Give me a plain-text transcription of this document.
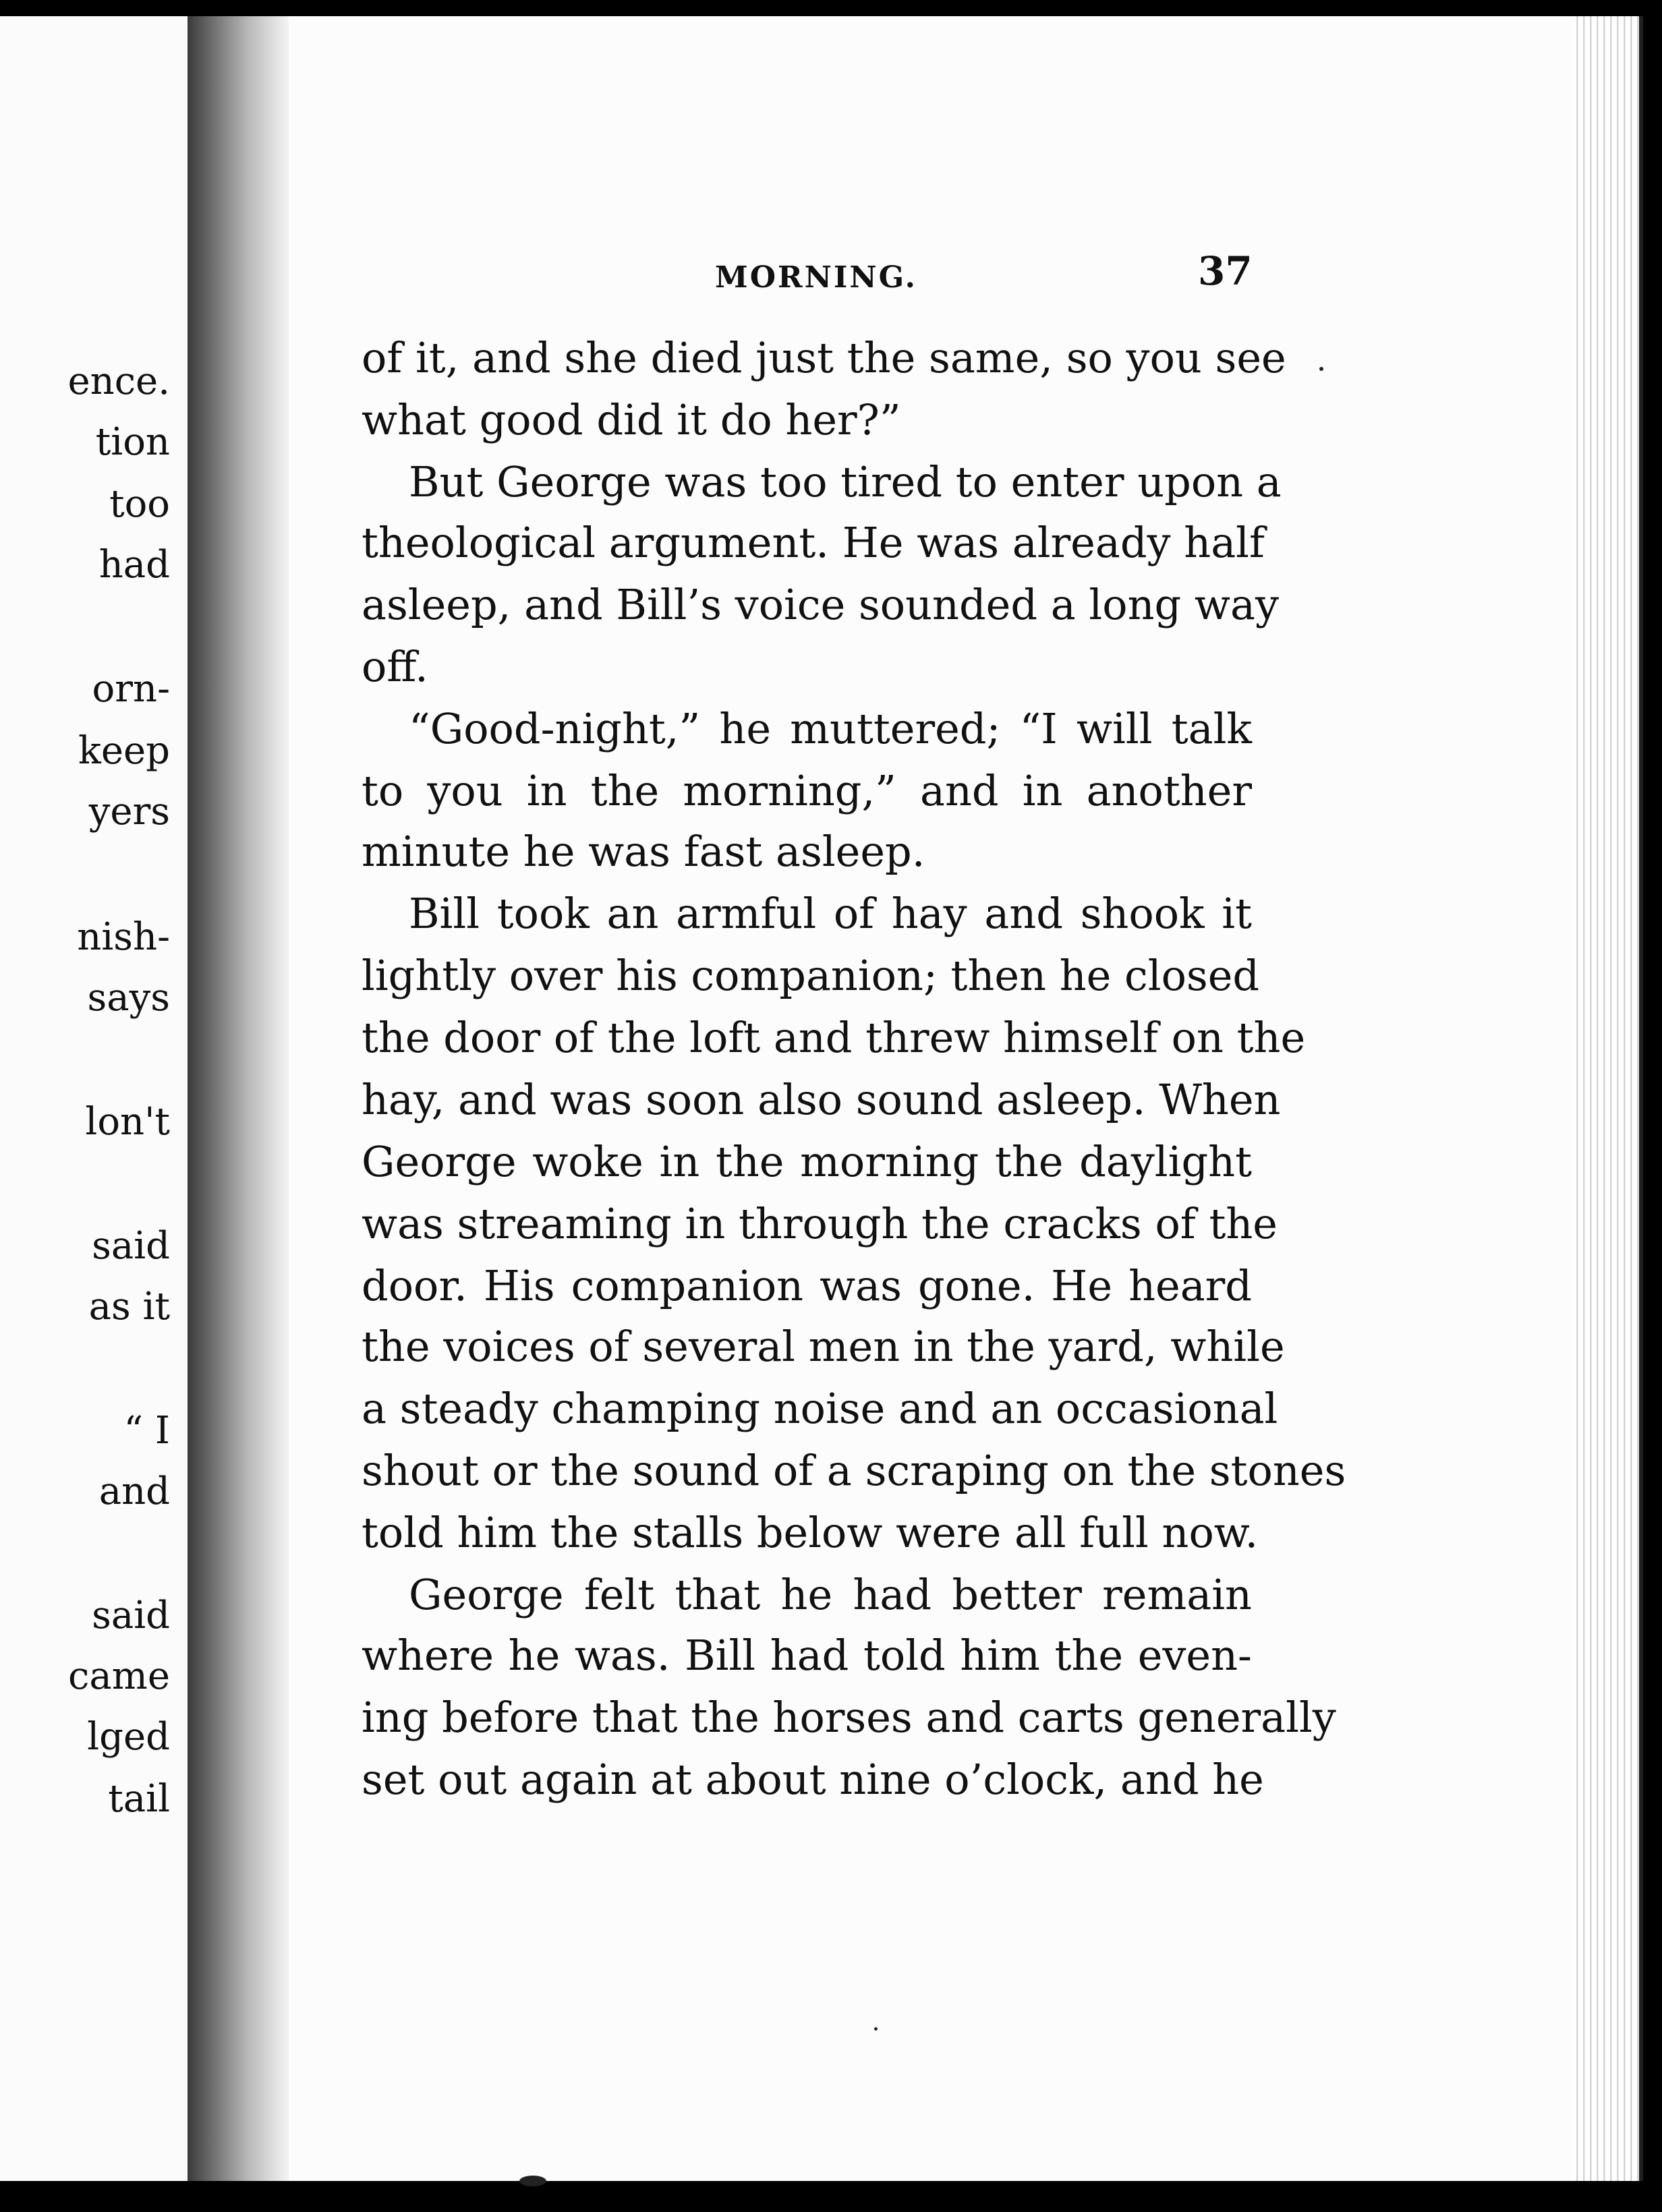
ence.
tion
too
had
orn-
keep
yers
nish-
says
lon't
said
as it
“ I
and
said
came
lged
tail
MORNING.	37
of it, and she died just the same, so you see
what good did it do her?”
But George was too tired to enter upon a
theological argument. He was already half
asleep, and Bill’s voice sounded a long way
off.
“Good-night,” he muttered; “I will talk
to you in the morning,” and in another
minute he was fast asleep.
Bill took an armful of hay and shook it
lightly over his companion; then he closed
the door of the loft and threw himself on the
hay, and was soon also sound asleep. When
George woke in the morning the daylight
was streaming in through the cracks of the
door. His companion was gone. He heard
the voices of several men in the yard, while
a steady champing noise and an occasional
shout or the sound of a scraping on the stones
told him the stalls below were all full now.
George felt that he had better remain
where he was. Bill had told him the even-
ing before that the horses and carts generally
set out again at about nine o’clock, and he
